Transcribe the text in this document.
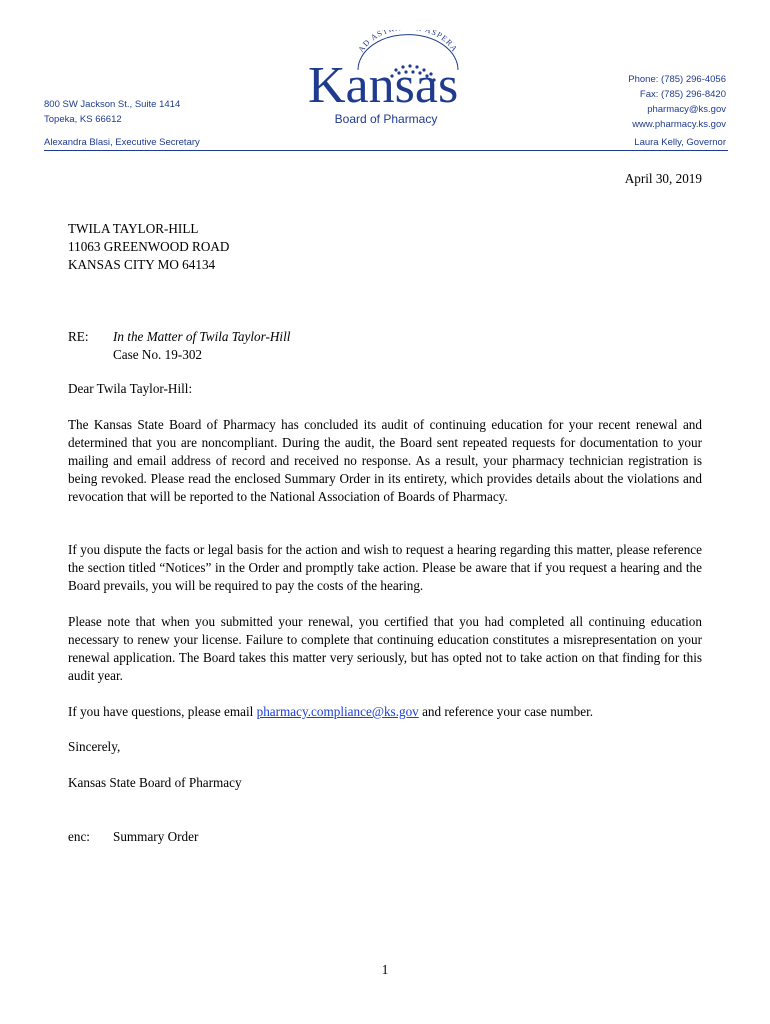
AD AST ASPERA
Kansas
Board of Pharmacy
800 SW Jackson St., Suite 1414
Topeka, KS 66612
Phone: (785) 296-4056
Fax: (785) 296-8420
pharmacy@ks.gov
www.pharmacy.ks.gov
Alexandra Blasi, Executive Secretary	Laura Kelly, Governor
April 30, 2019
TWILA TAYLOR-HILL
11063 GREENWOOD ROAD
KANSAS CITY MO 64134
RE: In the Matter of Twila Taylor-Hill
Case No. 19-302
Dear Twila Taylor-Hill:
The Kansas State Board of Pharmacy has concluded its audit of continuing education for your recent renewal and determined that you are noncompliant. During the audit, the Board sent repeated requests for documentation to your mailing and email address of record and received no response. As a result, your pharmacy technician registration is being revoked. Please read the enclosed Summary Order in its entirety, which provides details about the violations and revocation that will be reported to the National Association of Boards of Pharmacy.
If you dispute the facts or legal basis for the action and wish to request a hearing regarding this matter, please reference the section titled “Notices” in the Order and promptly take action. Please be aware that if you request a hearing and the Board prevails, you will be required to pay the costs of the hearing.
Please note that when you submitted your renewal, you certified that you had completed all continuing education necessary to renew your license. Failure to complete that continuing education constitutes a misrepresentation on your renewal application. The Board takes this matter very seriously, but has opted not to take action on that finding for this audit year.
If you have questions, please email pharmacy.compliance@ks.gov and reference your case number.
Sincerely,
Kansas State Board of Pharmacy
enc: Summary Order
1
